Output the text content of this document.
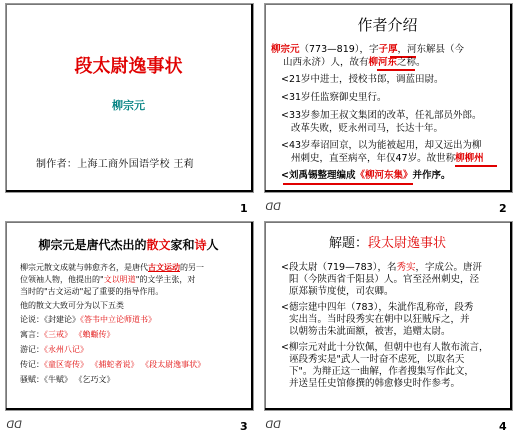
段太尉逸事状
柳宗元
制作者：上海工商外国语学校 王莉
1
作者介绍
柳宗元（773—819），字子厚，河东解县（今
山西永济）人，故有柳河东之称。
<21岁中进士，授校书郎，调蓝田尉。
<31岁任监察御史里行。
<33岁参加王叔文集团的改革，任礼部员外郎。
改革失败，贬永州司马，长达十年。
<43岁奉诏回京，以为能被起用，却又远出为柳
州刺史，直至病卒，年仅47岁。故世称柳柳州
<刘禹锡整理编成《柳河东集》并作序。
ᗡᗡ	2
柳宗元是唐代杰出的散文家和诗人
柳宗元散文成就与韩愈齐名，是唐代古文运动的另一
位领袖人物，他提出的"文以明道"的文学主张，对
当时的"古文运动"起了重要的指导作用。
他的散文大致可分为以下五类
论说：《封建论》《答韦中立论师道书》
寓言：《三戒》 《蝜蝂传》
游记：《永州八记》
传记：《童区寄传》 《捕蛇者说》 《段太尉逸事状》
骚赋：《牛赋》 《乞巧文》
ᗡᗡ	3
解题：段太尉逸事状
<段太尉（719—783），名秀实，字成公。唐汧
阳（今陕西省千阳县）人。官至泾州刺史，泾
原郑颍节度使，司农卿。
<德宗建中四年（783），朱泚作乱称帝，段秀
实出当。当时段秀实在朝中以狂贼斥之，并
以朝笏击朱泚面额，被害，追赠太尉。
<柳宗元对此十分钦佩，但朝中也有人散布流言，
诬段秀实是"武人一时奋不虑死，以取名天
下"。为辩正这一曲解，作者搜集写作此文，
并送呈任史馆修撰的韩愈修史时作参考。
ᗡᗡ	4
